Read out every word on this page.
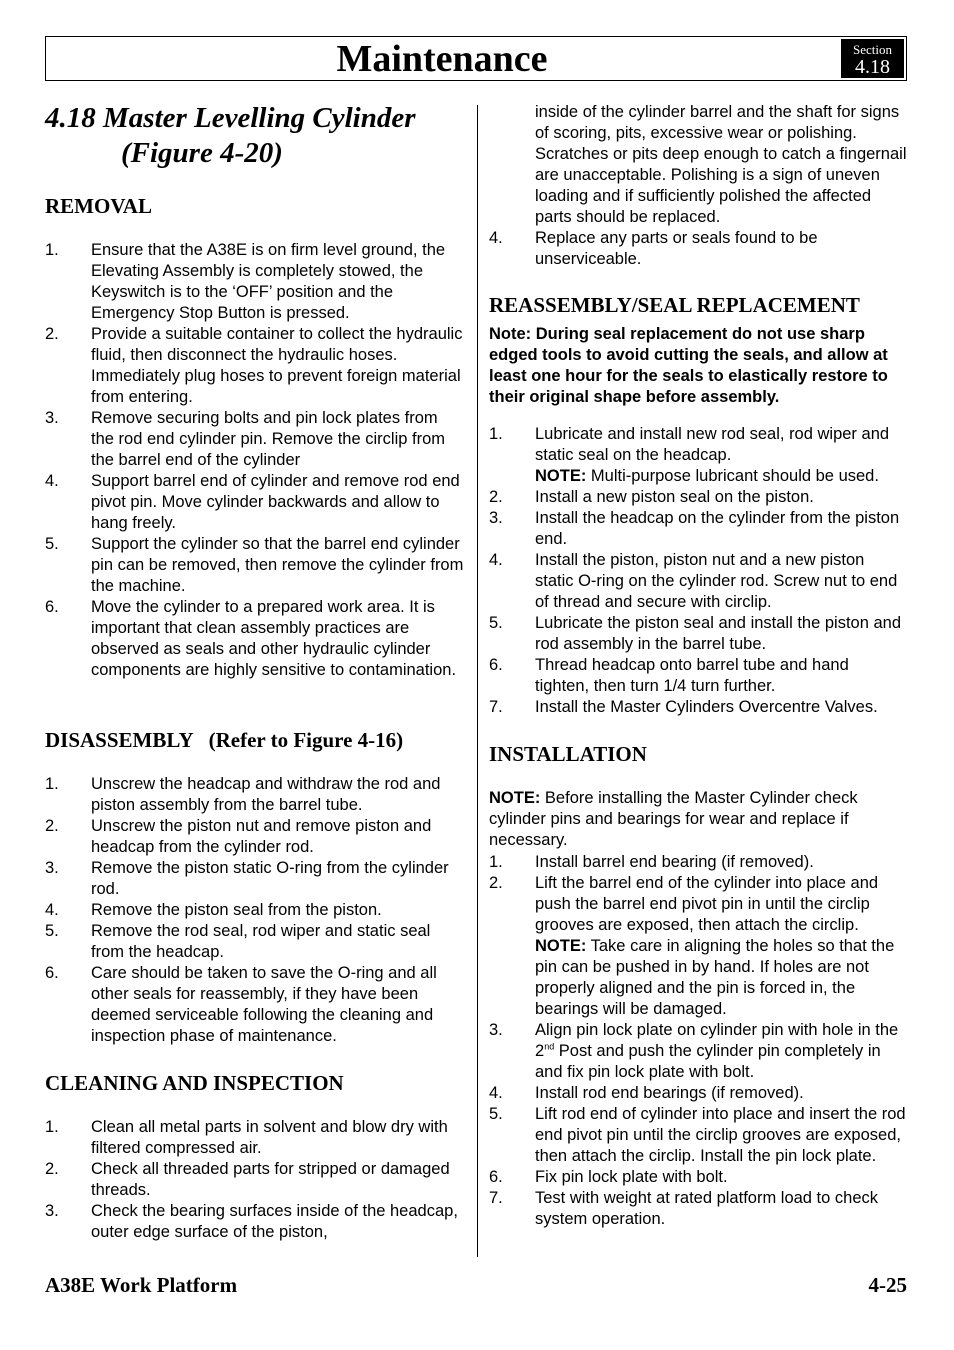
Maintenance	Section
4.18
4.18 Master Levelling Cylinder
(Figure 4-20)
REMOVAL
1.	Ensure that the A38E is on firm level ground, the Elevating Assembly is completely stowed, the Keyswitch is to the ‘OFF’ position and the Emergency Stop Button is pressed.
2.	Provide a suitable container to collect the hydraulic fluid, then disconnect the hydraulic hoses. Immediately plug hoses to prevent foreign material from entering.
3.	Remove securing bolts and pin lock plates from the rod end cylinder pin. Remove the circlip from the barrel end of the cylinder
4.	Support barrel end of cylinder and remove rod end pivot pin. Move cylinder backwards and allow to hang freely.
5.	Support the cylinder so that the barrel end cylinder pin can be removed, then remove the cylinder from the machine.
6.	Move the cylinder to a prepared work area. It is important that clean assembly practices are observed as seals and other hydraulic cylinder components are highly sensitive to contamination.
DISASSEMBLY   (Refer to Figure 4-16)
1.	Unscrew the headcap and withdraw the rod and piston assembly from the barrel tube.
2.	Unscrew the piston nut and remove piston and headcap from the cylinder rod.
3.	Remove the piston static O-ring from the cylinder rod.
4.	Remove the piston seal from the piston.
5.	Remove the rod seal, rod wiper and static seal from the headcap.
6.	Care should be taken to save the O-ring and all other seals for reassembly, if they have been deemed serviceable following the cleaning and inspection phase of maintenance.
CLEANING AND INSPECTION
1.	Clean all metal parts in solvent and blow dry with filtered compressed air.
2.	Check all threaded parts for stripped or damaged threads.
3.	Check the bearing surfaces inside of the headcap, outer edge surface of the piston,

inside of the cylinder barrel and the shaft for signs of scoring, pits, excessive wear or polishing. Scratches or pits deep enough to catch a fingernail are unacceptable. Polishing is a sign of uneven loading and if sufficiently polished the affected parts should be replaced.

4.	Replace any parts or seals found to be unserviceable.
REASSEMBLY/SEAL REPLACEMENT

Note: During seal replacement do not use sharp edged tools to avoid cutting the seals, and allow at least one hour for the seals to elastically restore to their original shape before assembly.

1.	Lubricate and install new rod seal, rod wiper and static seal on the headcap.
NOTE: Multi-purpose lubricant should be used.
2.	Install a new piston seal on the piston.
3.	Install the headcap on the cylinder from the piston end.
4.	Install the piston, piston nut and a new piston static O-ring on the cylinder rod. Screw nut to end of thread and secure with circlip.
5.	Lubricate the piston seal and install the piston and rod assembly in the barrel tube.
6.	Thread headcap onto barrel tube and hand tighten, then turn 1/4 turn further.
7.	Install the Master Cylinders Overcentre Valves.
INSTALLATION

NOTE: Before installing the Master Cylinder check cylinder pins and bearings for wear and replace if necessary.

1.	Install barrel end bearing (if removed).
2.	Lift the barrel end of the cylinder into place and push the barrel end pivot pin in until the circlip grooves are exposed, then attach the circlip.
NOTE: Take care in aligning the holes so that the pin can be pushed in by hand. If holes are not properly aligned and the pin is forced in, the bearings will be damaged.
3.	Align pin lock plate on cylinder pin with hole in the 2nd Post and push the cylinder pin completely in and fix pin lock plate with bolt.
4.	Install rod end bearings (if removed).
5.	Lift rod end of cylinder into place and insert the rod end pivot pin until the circlip grooves are exposed, then attach the circlip. Install the pin lock plate.
6.	Fix pin lock plate with bolt.
7.	Test with weight at rated platform load to check system operation.
A38E Work Platform	4-25
